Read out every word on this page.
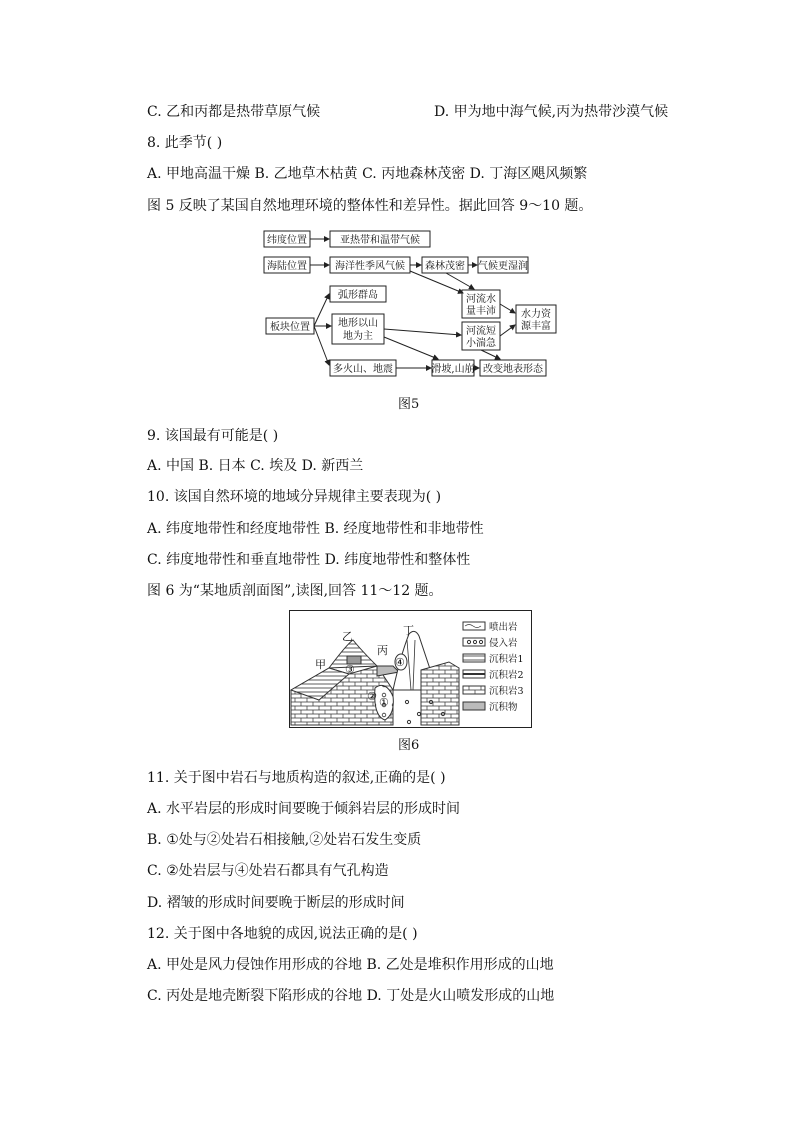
C. 乙和丙都是热带草原气候	D. 甲为地中海气候,丙为热带沙漠气候
8. 此季节( )
A. 甲地高温干燥 B. 乙地草木枯黄 C. 丙地森林茂密 D. 丁海区飓风频繁
图 5 反映了某国自然地理环境的整体性和差异性。据此回答 9～10 题。
纬度位置	亚热带和温带气候
海陆位置	海洋性季风气候 森林茂密 气候更湿润
板块位置
弧形群岛
地形以山
地为主
多火山、地震	滑坡,山崩 改变地表形态
河流水
量丰沛
河流短
小湍急
水力资
源丰富
图5
9. 该国最有可能是( )
A. 中国 B. 日本 C. 埃及 D. 新西兰
10. 该国自然环境的地域分异规律主要表现为( )
A. 纬度地带性和经度地带性 B. 经度地带性和非地带性
C. 纬度地带性和垂直地带性 D. 纬度地带性和整体性
图 6 为“某地质剖面图”,读图,回答 11～12 题。
甲
乙
丙
丁
①
②
③
④
喷出岩
侵入岩
沉积岩1
沉积岩2
沉积岩3
沉积物
图6
11. 关于图中岩石与地质构造的叙述,正确的是( )
A. 水平岩层的形成时间要晚于倾斜岩层的形成时间
B. ①处与②处岩石相接触,②处岩石发生变质
C. ②处岩层与④处岩石都具有气孔构造
D. 褶皱的形成时间要晚于断层的形成时间
12. 关于图中各地貌的成因,说法正确的是( )
A. 甲处是风力侵蚀作用形成的谷地 B. 乙处是堆积作用形成的山地
C. 丙处是地壳断裂下陷形成的谷地 D. 丁处是火山喷发形成的山地
